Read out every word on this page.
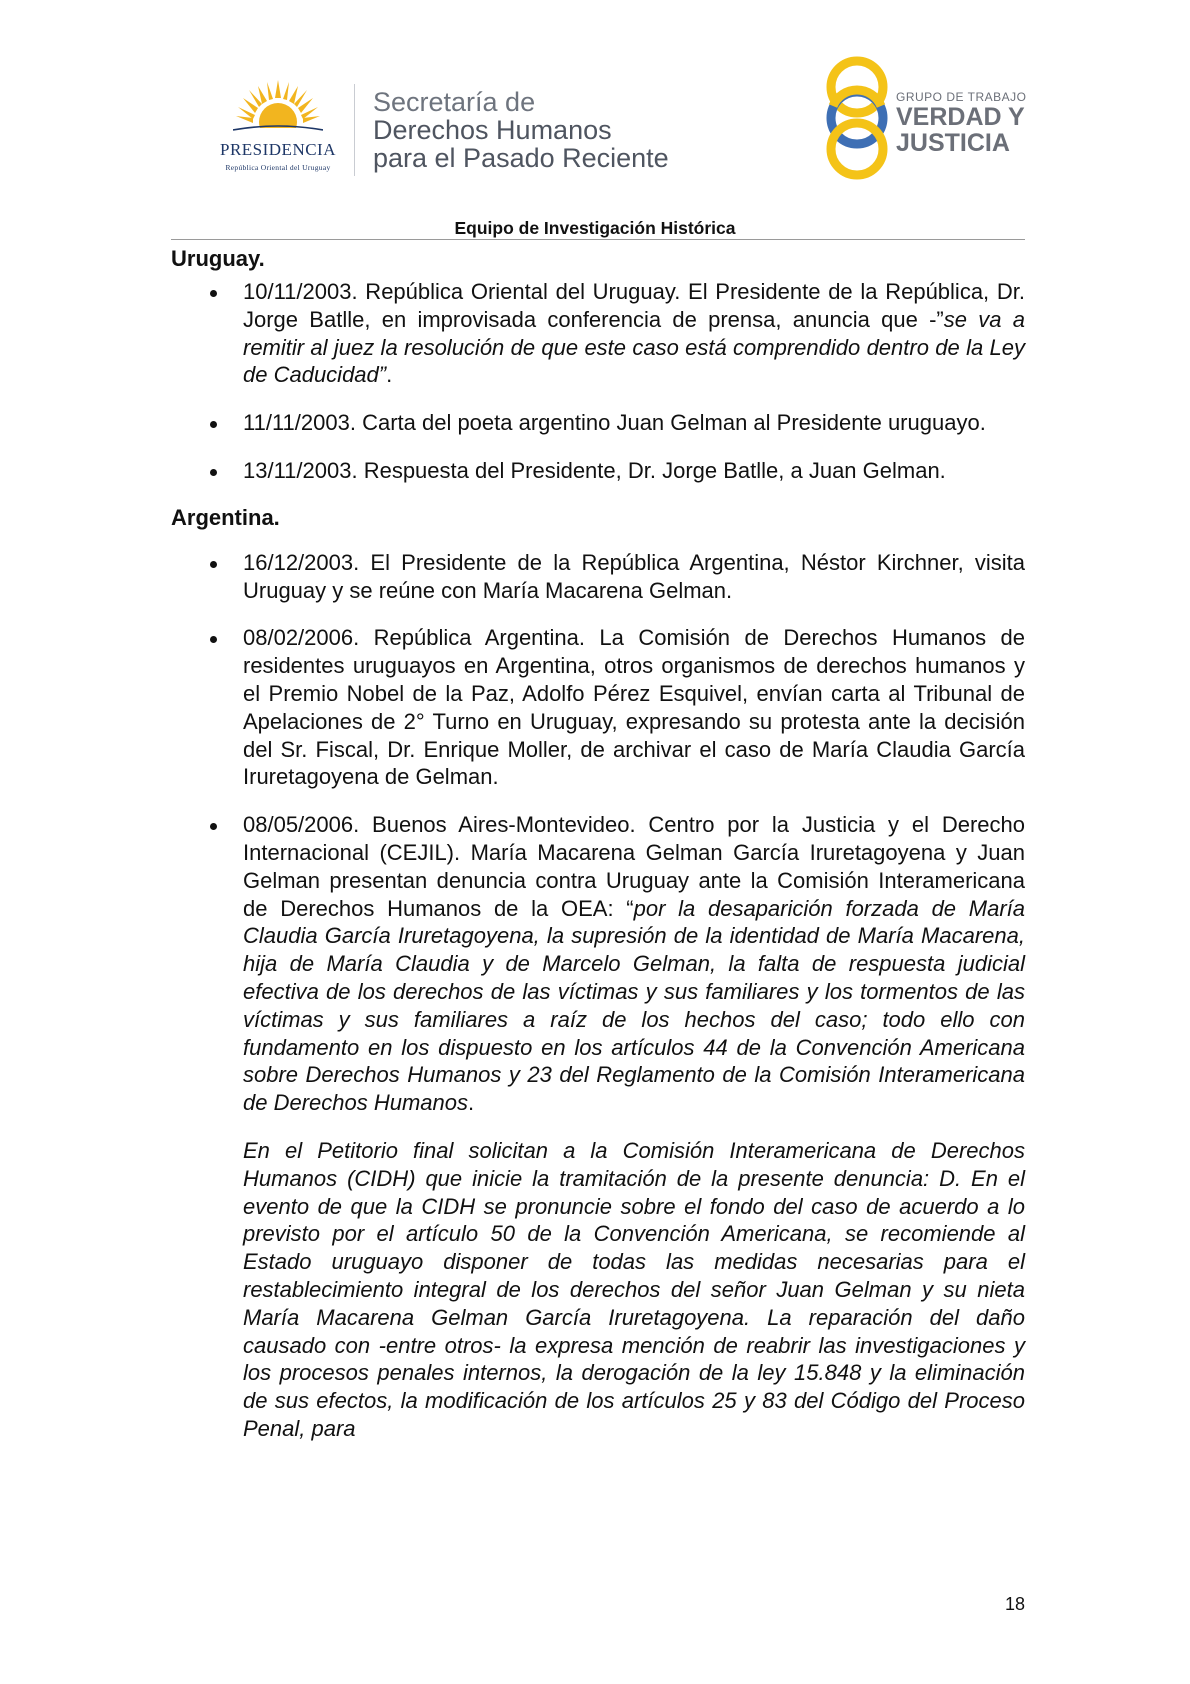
PRESIDENCIA
República Oriental del Uruguay
Secretaría de
Derechos Humanos
para el Pasado Reciente
GRUPO DE TRABAJO
VERDAD Y
JUSTICIA
Equipo de Investigación Histórica
Uruguay.

10/11/2003. República Oriental del Uruguay. El Presidente de la República, Dr. Jorge Batlle, en improvisada conferencia de prensa, anuncia que -”se va a remitir al juez la resolución de que este caso está comprendido dentro de la Ley de Caducidad”.

11/11/2003. Carta del poeta argentino Juan Gelman al Presidente uruguayo.

13/11/2003. Respuesta del Presidente, Dr. Jorge Batlle, a Juan Gelman.

Argentina.

16/12/2003. El Presidente de la República Argentina, Néstor Kirchner, visita Uruguay y se reúne con María Macarena Gelman.

08/02/2006. República Argentina. La Comisión de Derechos Humanos de residentes uruguayos en Argentina, otros organismos de derechos humanos y el Premio Nobel de la Paz, Adolfo Pérez Esquivel, envían carta al Tribunal de Apelaciones de 2° Turno en Uruguay, expresando su protesta ante la decisión del Sr. Fiscal, Dr. Enrique Moller, de archivar el caso de María Claudia García Iruretagoyena de Gelman.

08/05/2006. Buenos Aires-Montevideo. Centro por la Justicia y el Derecho Internacional (CEJIL). María Macarena Gelman García Iruretagoyena y Juan Gelman presentan denuncia contra Uruguay ante la Comisión Interamericana de Derechos Humanos de la OEA: “por la desaparición forzada de María Claudia García Iruretagoyena, la supresión de la identidad de María Macarena, hija de María Claudia y de Marcelo Gelman, la falta de respuesta judicial efectiva de los derechos de las víctimas y sus familiares y los tormentos de las víctimas y sus familiares a raíz de los hechos del caso; todo ello con fundamento en los dispuesto en los artículos 44 de la Convención Americana sobre Derechos Humanos y 23 del Reglamento de la Comisión Interamericana de Derechos Humanos.

En el Petitorio final solicitan a la Comisión Interamericana de Derechos Humanos (CIDH) que inicie la tramitación de la presente denuncia: D. En el evento de que la CIDH se pronuncie sobre el fondo del caso de acuerdo a lo previsto por el artículo 50 de la Convención Americana, se recomiende al Estado uruguayo disponer de todas las medidas necesarias para el restablecimiento integral de los derechos del señor Juan Gelman y su nieta María Macarena Gelman García Iruretagoyena. La reparación del daño causado con -entre otros- la expresa mención de reabrir las investigaciones y los procesos penales internos, la derogación de la ley 15.848 y la eliminación de sus efectos, la modificación de los artículos 25 y 83 del Código del Proceso Penal, para

18
